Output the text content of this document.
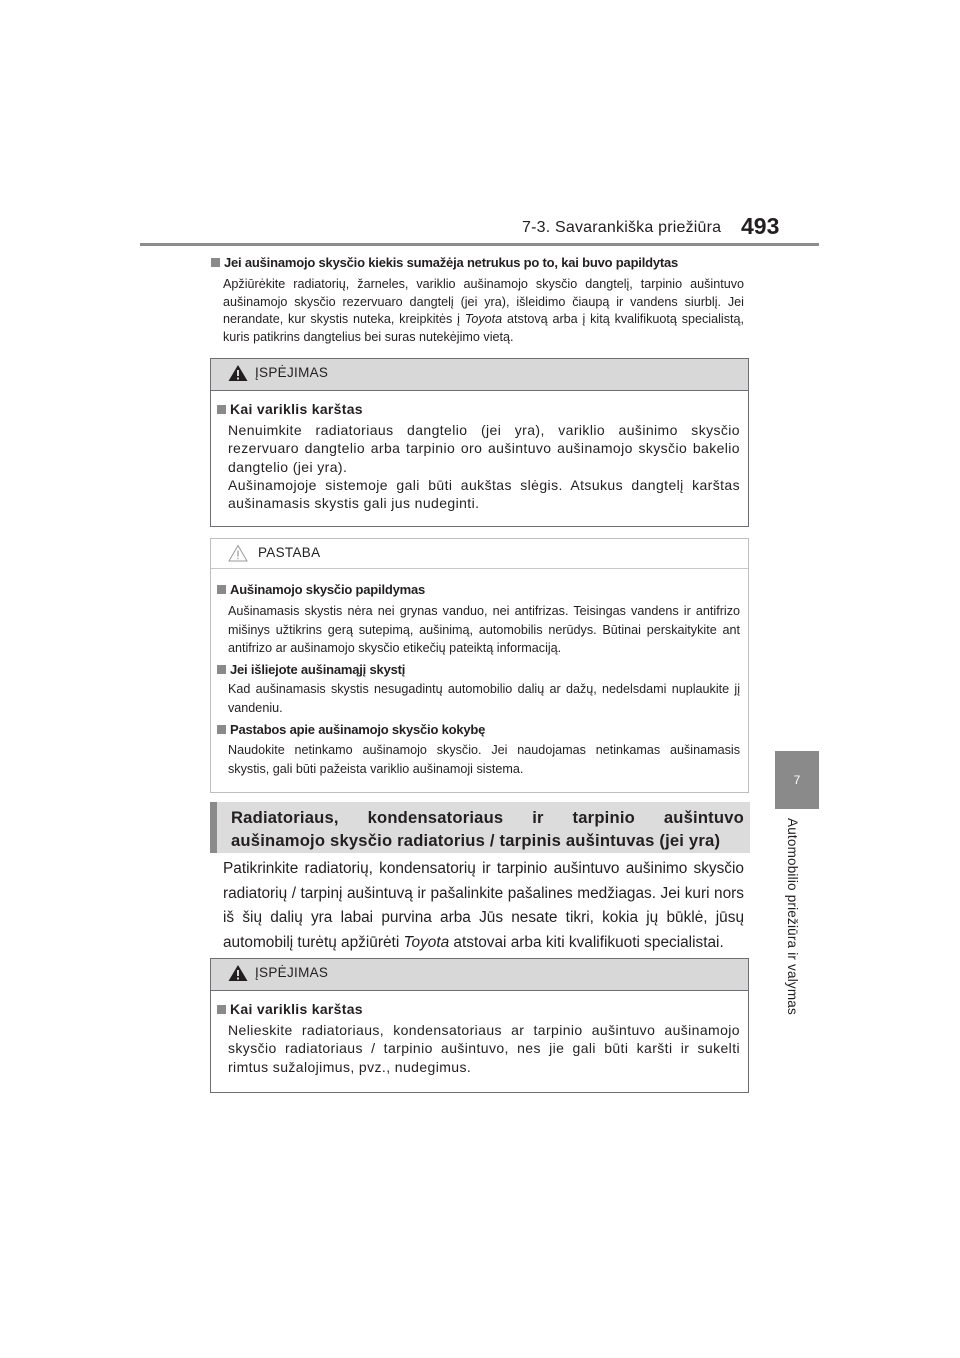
7-3. Savarankiška priežiūra 493
7
Automobilio priežiūra ir valymas
Jei aušinamojo skysčio kiekis sumažėja netrukus po to, kai buvo papildytas
Apžiūrėkite radiatorių, žarneles, variklio aušinamojo skysčio dangtelį, tarpinio aušintuvo aušinamojo skysčio rezervuaro dangtelį (jei yra), išleidimo čiaupą ir vandens siurblį. Jei nerandate, kur skystis nuteka, kreipkitės į Toyota atstovą arba į kitą kvalifikuotą specialistą, kuris patikrins dangtelius bei suras nutekėjimo vietą.
ĮSPĖJIMAS
Kai variklis karštas
Nenuimkite radiatoriaus dangtelio (jei yra), variklio aušinimo skysčio rezervuaro dangtelio arba tarpinio oro aušintuvo aušinamojo skysčio bakelio dangtelio (jei yra).
Aušinamojoje sistemoje gali būti aukštas slėgis. Atsukus dangtelį karštas aušinamasis skystis gali jus nudeginti.
PASTABA
Aušinamojo skysčio papildymas
Aušinamasis skystis nėra nei grynas vanduo, nei antifrizas. Teisingas vandens ir antifrizo mišinys užtikrins gerą sutepimą, aušinimą, automobilis nerūdys. Būtinai perskaitykite ant antifrizo ar aušinamojo skysčio etikečių pateiktą informaciją.
Jei išliejote aušinamąjį skystį
Kad aušinamasis skystis nesugadintų automobilio dalių ar dažų, nedelsdami nuplaukite jį vandeniu.
Pastabos apie aušinamojo skysčio kokybę
Naudokite netinkamo aušinamojo skysčio. Jei naudojamas netinkamas aušinamasis skystis, gali būti pažeista variklio aušinamoji sistema.
Radiatoriaus, kondensatoriaus ir tarpinio aušintuvo aušinamojo skysčio radiatorius / tarpinis aušintuvas (jei yra)
Patikrinkite radiatorių, kondensatorių ir tarpinio aušintuvo aušinimo skysčio radiatorių / tarpinį aušintuvą ir pašalinkite pašalines medžiagas. Jei kuri nors iš šių dalių yra labai purvina arba Jūs nesate tikri, kokia jų būklė, jūsų automobilį turėtų apžiūrėti Toyota atstovai arba kiti kvalifikuoti specialistai.
ĮSPĖJIMAS
Kai variklis karštas
Nelieskite radiatoriaus, kondensatoriaus ar tarpinio aušintuvo aušinamojo skysčio radiatoriaus / tarpinio aušintuvo, nes jie gali būti karšti ir sukelti rimtus sužalojimus, pvz., nudegimus.
